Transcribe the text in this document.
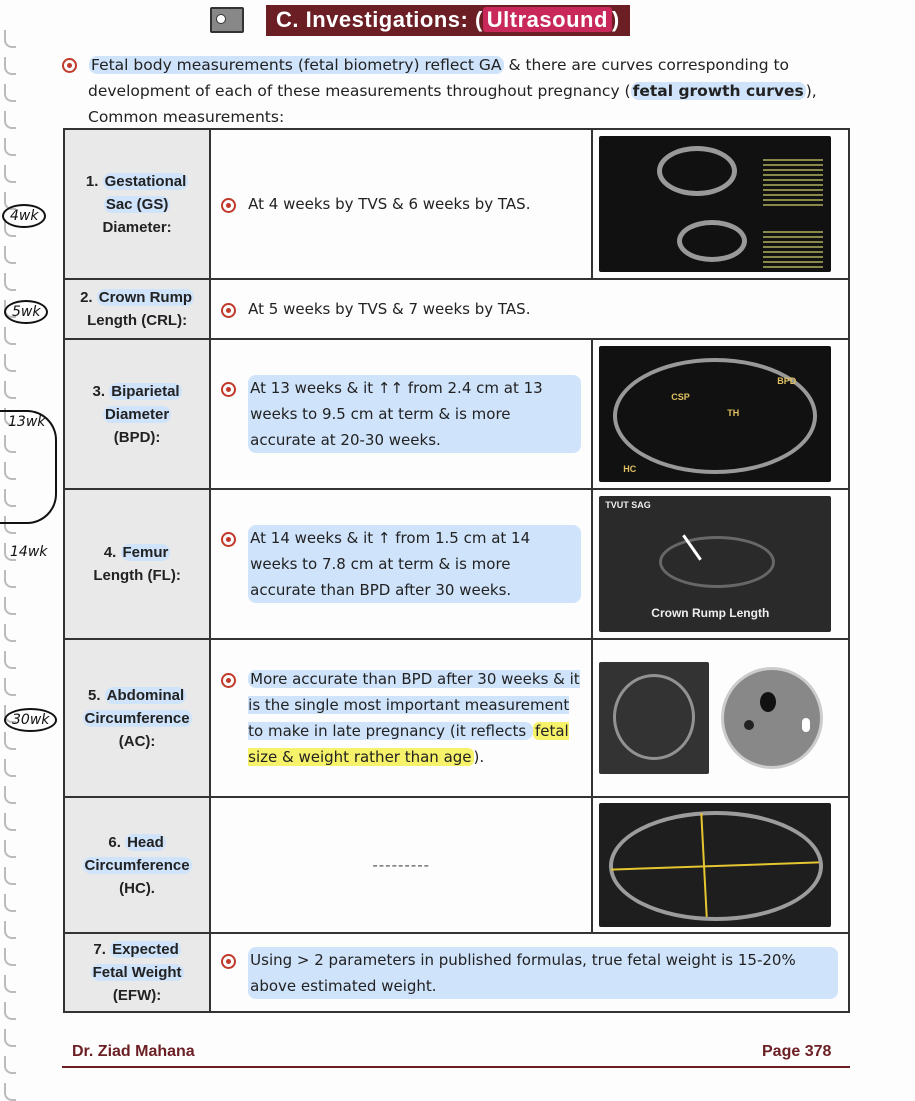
C. Investigations: ( Ultrasound )
Fetal body measurements (fetal biometry) reflect GA & there are curves corresponding to
development of each of these measurements throughout pregnancy ( fetal growth curves ),
Common measurements:
1. Gestational
Sac (GS)
Diameter:	At 4 weeks by TVS & 6 weeks by TAS.	

2. Crown Rump
Length (CRL):	At 5 weeks by TVS & 7 weeks by TAS.	

3. Biparietal
Diameter
(BPD):	At 13 weeks & it ↑↑ from 2.4 cm at 13 weeks to 9.5 cm at term & is more accurate at 20-30 weeks.	CSP
BPD
TH
HC

4. Femur
Length (FL):	At 14 weeks & it ↑ from 1.5 cm at 14 weeks to 7.8 cm at term & is more accurate than BPD after 30 weeks.	TVUT SAG
Crown Rump Length

5. Abdominal
Circumference
(AC):	More accurate than BPD after 30 weeks & it is the single most important measurement to make in late pregnancy (it reflects fetal size & weight rather than age ).	

6. Head
Circumference
(HC).	---------	

7. Expected
Fetal Weight
(EFW):	Using > 2 parameters in published formulas, true fetal weight is 15-20% above estimated weight.	
4wk
5wk
13wk
14wk
30wk
Dr. Ziad Mahana	Page 378
